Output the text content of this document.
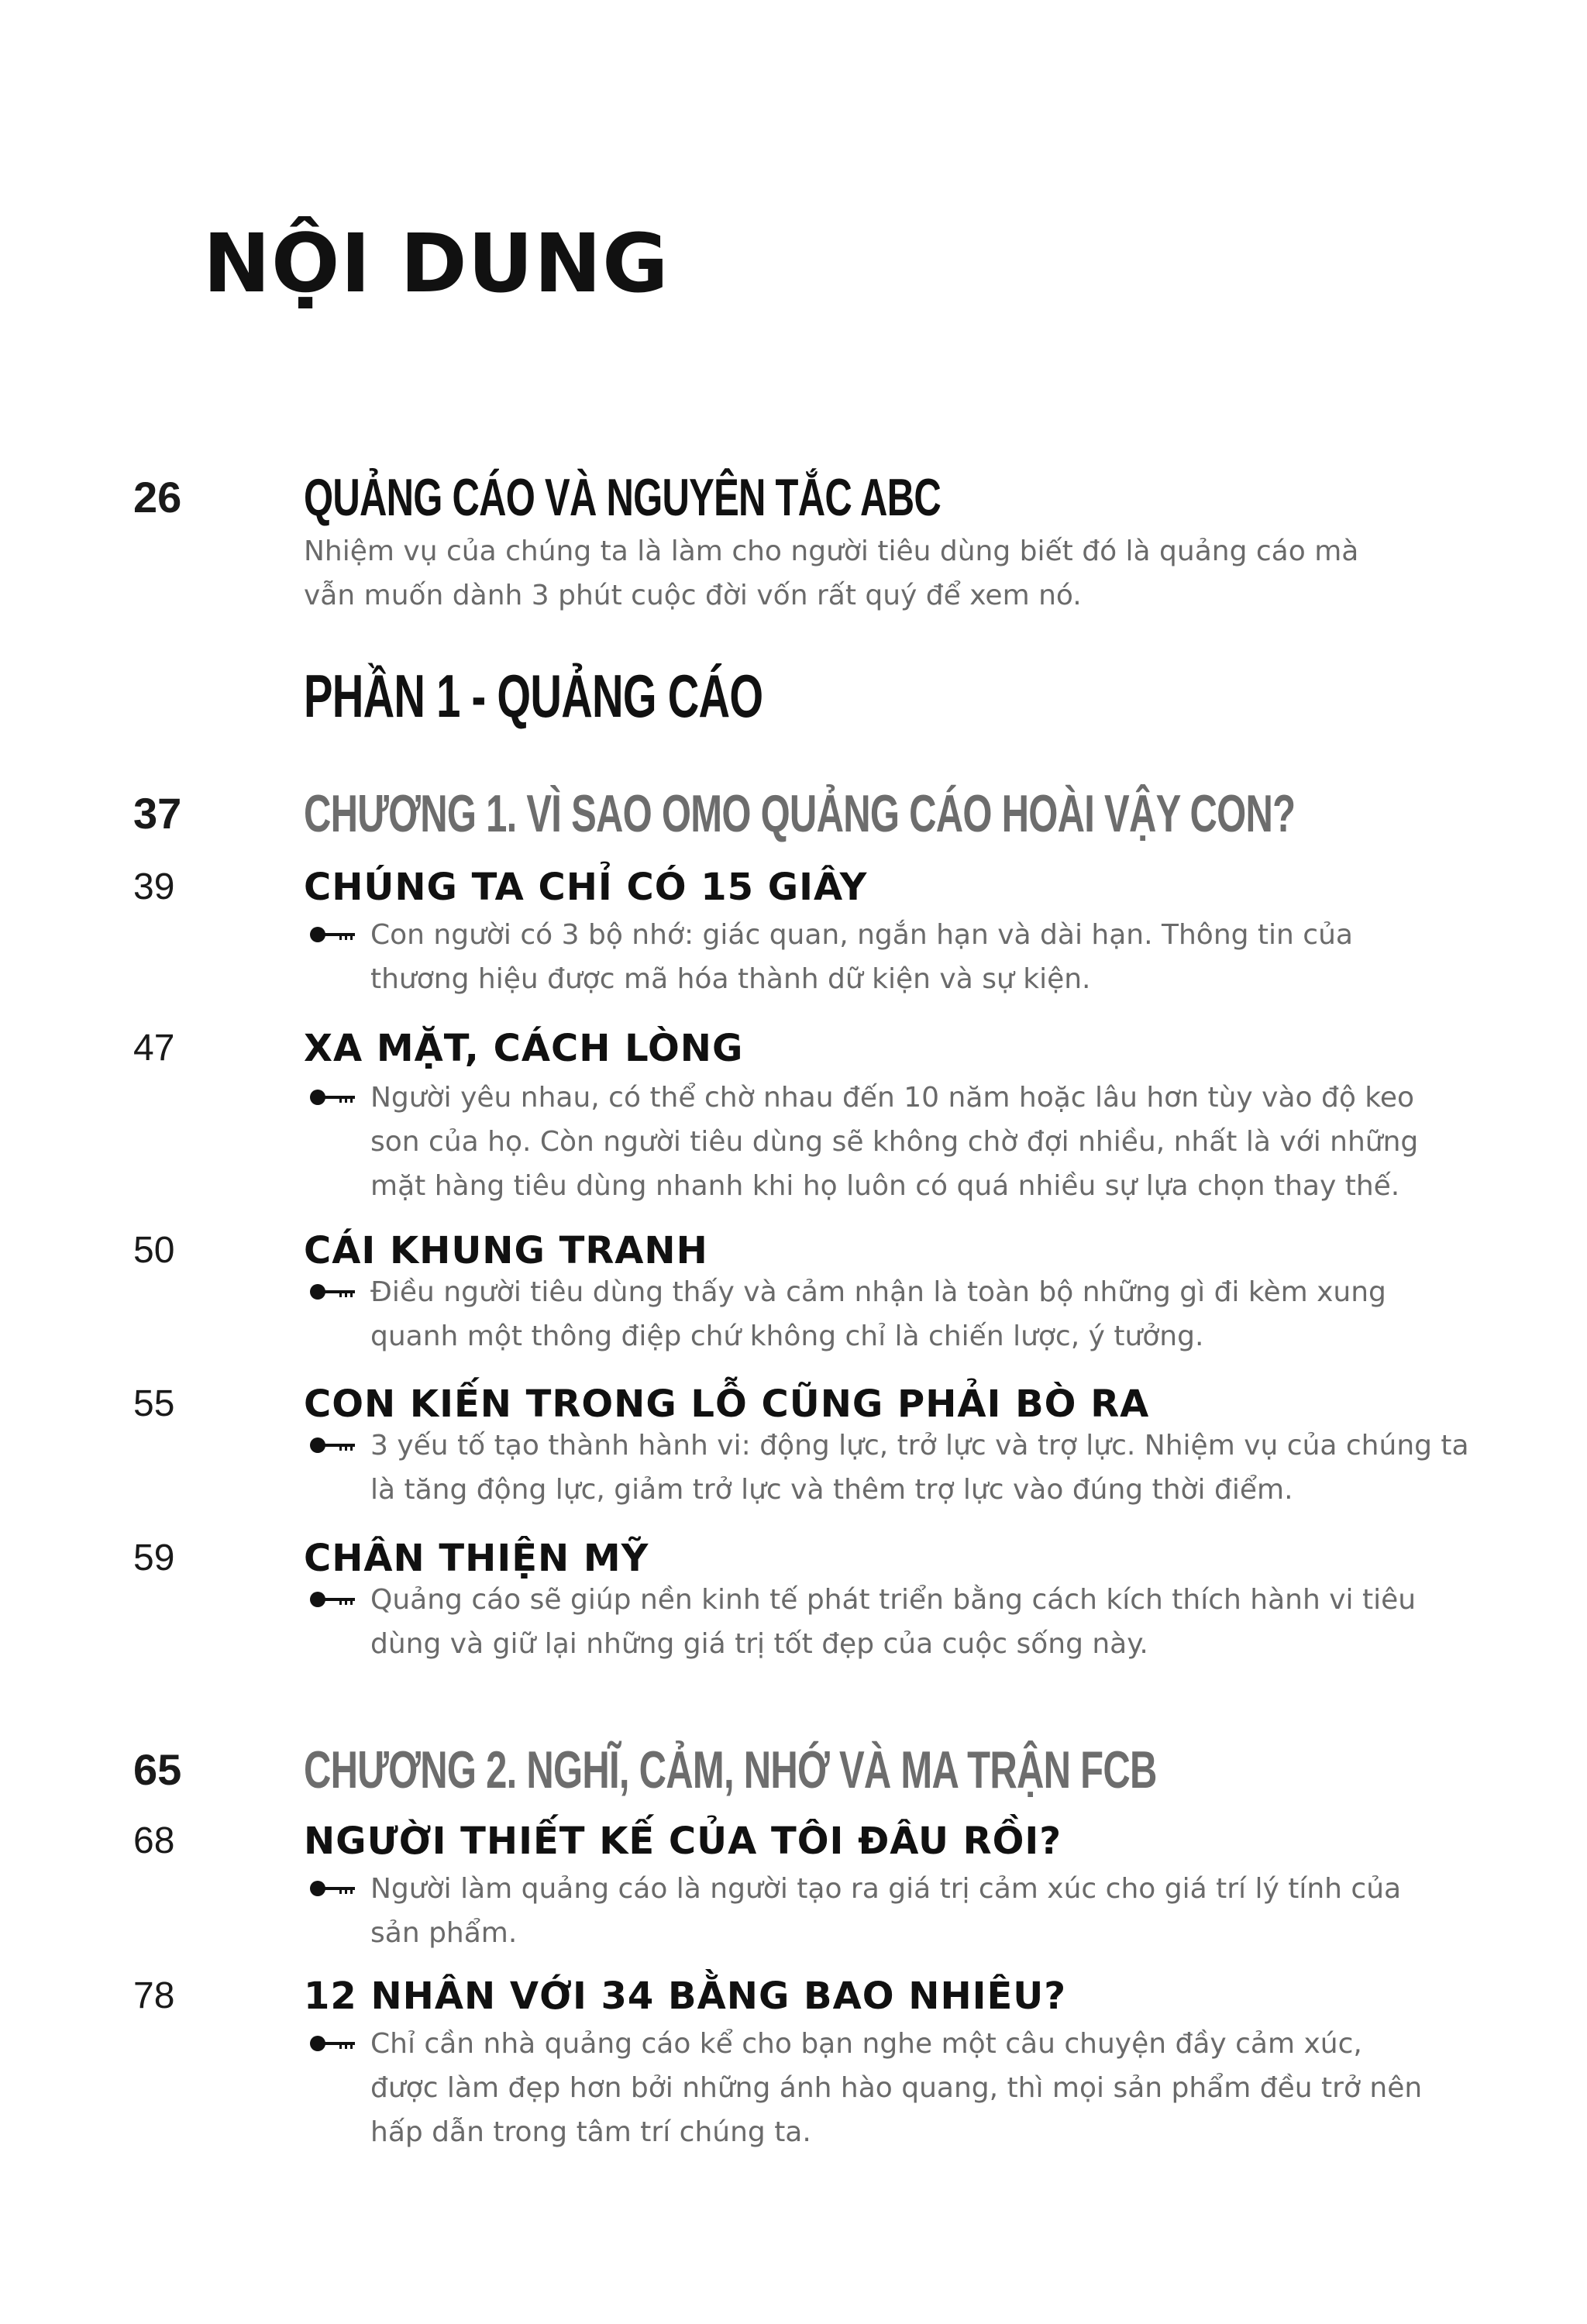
NỘI DUNG
26 QUẢNG CÁO VÀ NGUYÊN TẮC ABC
Nhiệm vụ của chúng ta là làm cho người tiêu dùng biết đó là quảng cáo mà
vẫn muốn dành 3 phút cuộc đời vốn rất quý để xem nó.
PHẦN 1 - QUẢNG CÁO
37 CHƯƠNG 1. VÌ SAO OMO QUẢNG CÁO HOÀI VẬY CON?
39	CHÚNG TA CHỈ CÓ 15 GIÂY
Con người có 3 bộ nhớ: giác quan, ngắn hạn và dài hạn. Thông tin của
thương hiệu được mã hóa thành dữ kiện và sự kiện.
47	XA MẶT, CÁCH LÒNG
Người yêu nhau, có thể chờ nhau đến 10 năm hoặc lâu hơn tùy vào độ keo
son của họ. Còn người tiêu dùng sẽ không chờ đợi nhiều, nhất là với những
mặt hàng tiêu dùng nhanh khi họ luôn có quá nhiều sự lựa chọn thay thế.
50	CÁI KHUNG TRANH
Điều người tiêu dùng thấy và cảm nhận là toàn bộ những gì đi kèm xung
quanh một thông điệp chứ không chỉ là chiến lược, ý tưởng.
55	CON KIẾN TRONG LỖ CŨNG PHẢI BÒ RA
3 yếu tố tạo thành hành vi: động lực, trở lực và trợ lực. Nhiệm vụ của chúng ta
là tăng động lực, giảm trở lực và thêm trợ lực vào đúng thời điểm.
59	CHÂN THIỆN MỸ
Quảng cáo sẽ giúp nền kinh tế phát triển bằng cách kích thích hành vi tiêu
dùng và giữ lại những giá trị tốt đẹp của cuộc sống này.
65 CHƯƠNG 2. NGHĨ, CẢM, NHỚ VÀ MA TRẬN FCB
68	NGƯỜI THIẾT KẾ CỦA TÔI ĐÂU RỒI?
Người làm quảng cáo là người tạo ra giá trị cảm xúc cho giá trí lý tính của
sản phẩm.
78	12 NHÂN VỚI 34 BẰNG BAO NHIÊU?
Chỉ cần nhà quảng cáo kể cho bạn nghe một câu chuyện đầy cảm xúc,
được làm đẹp hơn bởi những ánh hào quang, thì mọi sản phẩm đều trở nên
hấp dẫn trong tâm trí chúng ta.
